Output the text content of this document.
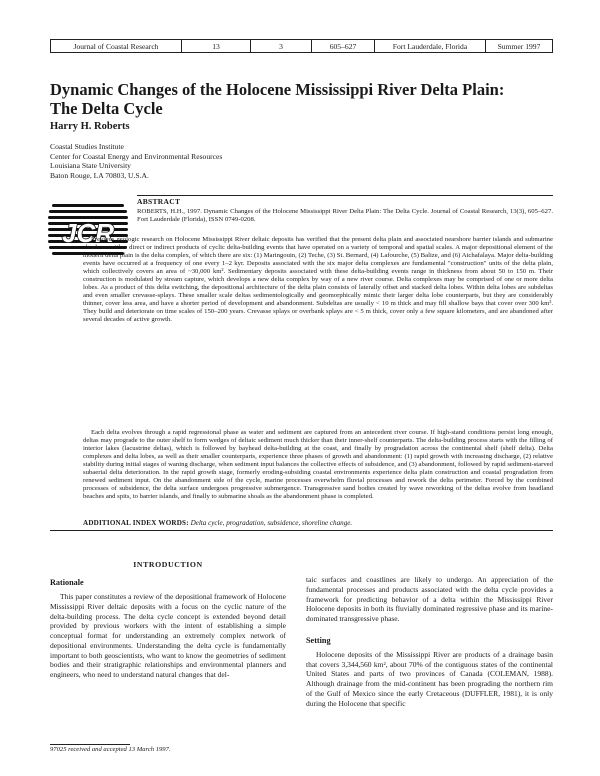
Journal of Coastal Research	13	3	605–627	Fort Lauderdale, Florida	Summer 1997
Dynamic Changes of the Holocene Mississippi River Delta Plain: The Delta Cycle

Harry H. Roberts

Coastal Studies Institute
Center for Coastal Energy and Environmental Resources
Louisiana State University
Baton Rouge, LA 70803, U.S.A.
JCR
ABSTRACT

ROBERTS, H.H., 1997. Dynamic Changes of the Holocene Mississippi River Delta Plain: The Delta Cycle. Journal of Coastal Research, 13(3), 605–627. Fort Lauderdale (Florida), ISSN 0749-0208.

Previous geologic research on Holocene Mississippi River deltaic deposits has verified that the present delta plain and associated nearshore barrier islands and submarine shoals are either direct or indirect products of cyclic delta-building events that have operated on a variety of temporal and spatial scales. A major depositional element of the modern delta plain is the delta complex, of which there are six: (1) Maringouin, (2) Teche, (3) St. Bernard, (4) Lafourche, (5) Balize, and (6) Atchafalaya. Major delta-building events have occurred at a frequency of one every 1–2 kyr. Deposits associated with the six major delta complexes are fundamental "construction" units of the delta plain, which collectively covers an area of ~30,000 km². Sedimentary deposits associated with these delta-building events range in thickness from about 50 to 150 m. Their construction is modulated by stream capture, which develops a new delta complex by way of a new river course. Delta complexes may be comprised of one or more delta lobes. As a product of this delta switching, the depositional architecture of the delta plain consists of laterally offset and stacked delta lobes. Within delta lobes are subdeltas and even smaller crevasse-splays. These smaller scale deltas sedimentologically and geomorphically mimic their larger delta lobe counterparts, but they are considerably thinner, cover less area, and have a shorter period of development and abandonment. Subdeltas are usually < 10 m thick and may fill shallow bays that cover over 300 km². They build and deteriorate on time scales of 150–200 years. Crevasse splays or overbank splays are < 5 m thick, cover only a few square kilometers, and are abandoned after several decades of active growth.

Each delta evolves through a rapid regressional phase as water and sediment are captured from an antecedent river course. If high-stand conditions persist long enough, deltas may prograde to the outer shelf to form wedges of deltaic sediment much thicker than their inner-shelf counterparts. The delta-building process starts with the filling of interior lakes (lacustrine deltas), which is followed by bayhead delta-building at the coast, and finally by progradation across the continental shelf (shelf delta). Delta complexes and delta lobes, as well as their smaller counterparts, experience three phases of growth and abandonment: (1) rapid growth with increasing discharge, (2) relative stability during initial stages of waning discharge, when sediment input balances the collective effects of subsidence, and (3) abandonment, followed by rapid sediment-starved subaerial delta deterioration. In the rapid growth stage, formerly eroding-subsiding coastal environments experience delta plain construction and coastal progradation from renewed sediment input. On the abandonment side of the cycle, marine processes overwhelm fluvial processes and rework the delta perimeter. Forced by the combined processes of subsidence, the delta surface undergoes progressive submergence. Transgressive sand bodies created by wave reworking of the deltas evolve from headland beaches and spits, to barrier islands, and finally to submarine shoals as the abandonment phase is completed.

ADDITIONAL INDEX WORDS: Delta cycle, progradation, subsidence, shoreline change.
INTRODUCTION
Rationale

This paper constitutes a review of the depositional framework of Holocene Mississippi River deltaic deposits with a focus on the cyclic nature of the delta-building process. The delta cycle concept is extended beyond detail provided by previous workers with the intent of establishing a simple conceptual format for understanding an extremely complex network of depositional environments. Understanding the delta cycle is fundamentally important to both geoscientists, who want to know the geometries of sediment bodies and their stratigraphic relationships and environmental planners and engineers, who need to understand natural changes that del-

taic surfaces and coastlines are likely to undergo. An appreciation of the fundamental processes and products associated with the delta cycle provides a framework for predicting behavior of a delta within the Mississippi River Holocene deposits in both its fluvially dominated regressive phase and its marine-dominated transgressive phase.

Setting

Holocene deposits of the Mississippi River are products of a drainage basin that covers 3,344,560 km², about 70% of the contiguous states of the continental United States and parts of two provinces of Canada (COLEMAN, 1988). Although drainage from the mid-continent has been prograding the northern rim of the Gulf of Mexico since the early Cretaceous (DUFFLER, 1981), it is only during the Holocene that specific

97025 received and accepted 13 March 1997.
